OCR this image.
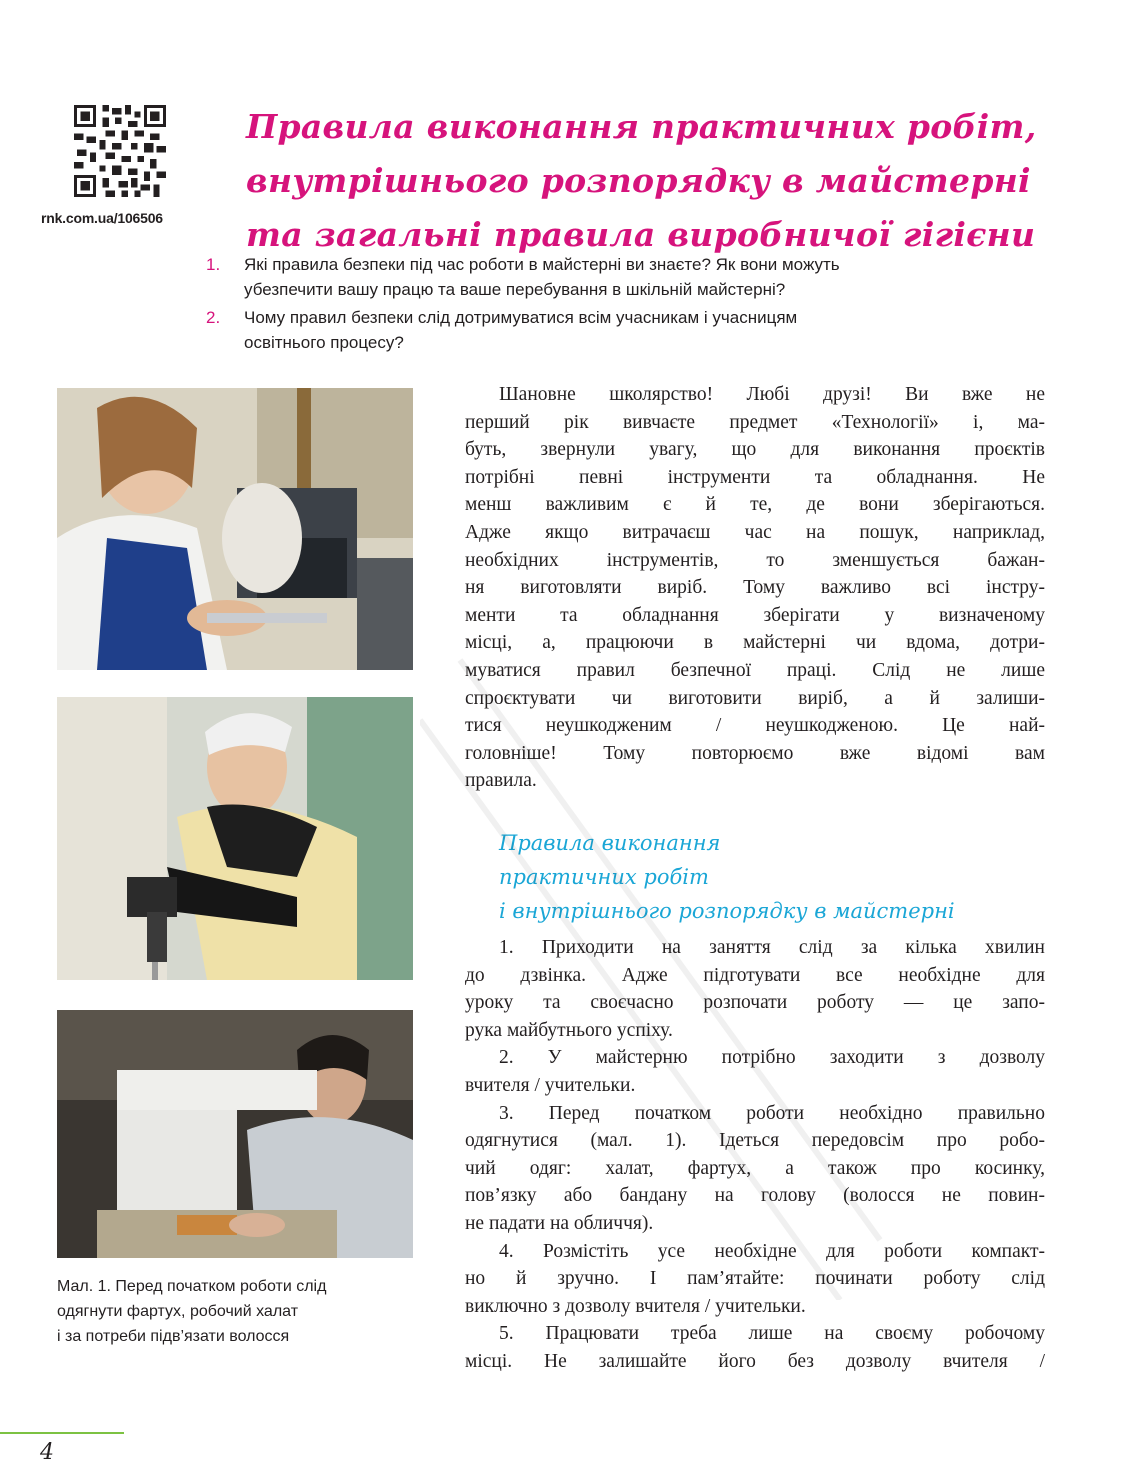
rnk.com.ua/106506
Правила виконання практичних робіт,
внутрішнього розпорядку в майстерні
та загальні правила виробничої гігієни
1. Які правила безпеки під час роботи в майстерні ви знаєте? Як вони можуть
убезпечити вашу працю та ваше перебування в шкільній майстерні?
2. Чому правил безпеки слід дотримуватися всім учасникам і учасницям
освітнього процесу?
Мал. 1. Перед початком роботи слід
одягнути фартух, робочий халат
і за потреби підв’язати волосся
Шановне школярство! Любі друзі! Ви вже не
перший рік вивчаєте предмет «Технології» і, ма-
буть, звернули увагу, що для виконання проєктів
потрібні певні інструменти та обладнання. Не
менш важливим є й те, де вони зберігаються.
Адже якщо витрачаєш час на пошук, наприклад,
необхідних інструментів, то зменшується бажан-
ня виготовляти виріб. Тому важливо всі інстру-
менти та обладнання зберігати у визначеному
місці, а, працюючи в майстерні чи вдома, дотри-
муватися правил безпечної праці. Слід не лише
спроєктувати чи виготовити виріб, а й залиши-
тися неушкодженим / неушкодженою. Це най-
головніше! Тому повторюємо вже відомі вам
правила.
Правила виконання
практичних робіт
і внутрішнього розпорядку в майстерні
1. Приходити на заняття слід за кілька хвилин
до дзвінка. Адже підготувати все необхідне для
уроку та своєчасно розпочати роботу — це запо-
рука майбутнього успіху.
2. У майстерню потрібно заходити з дозволу
вчителя / учительки.
3. Перед початком роботи необхідно правильно
одягнутися (мал. 1). Ідеться передовсім про робо-
чий одяг: халат, фартух, а також про косинку,
пов’язку або бандану на голову (волосся не повин-
не падати на обличчя).
4. Розмістіть усе необхідне для роботи компакт-
но й зручно. І пам’ятайте: починати роботу слід
виключно з дозволу вчителя / учительки.
5. Працювати треба лише на своєму робочому
місці. Не залишайте його без дозволу вчителя /
4
